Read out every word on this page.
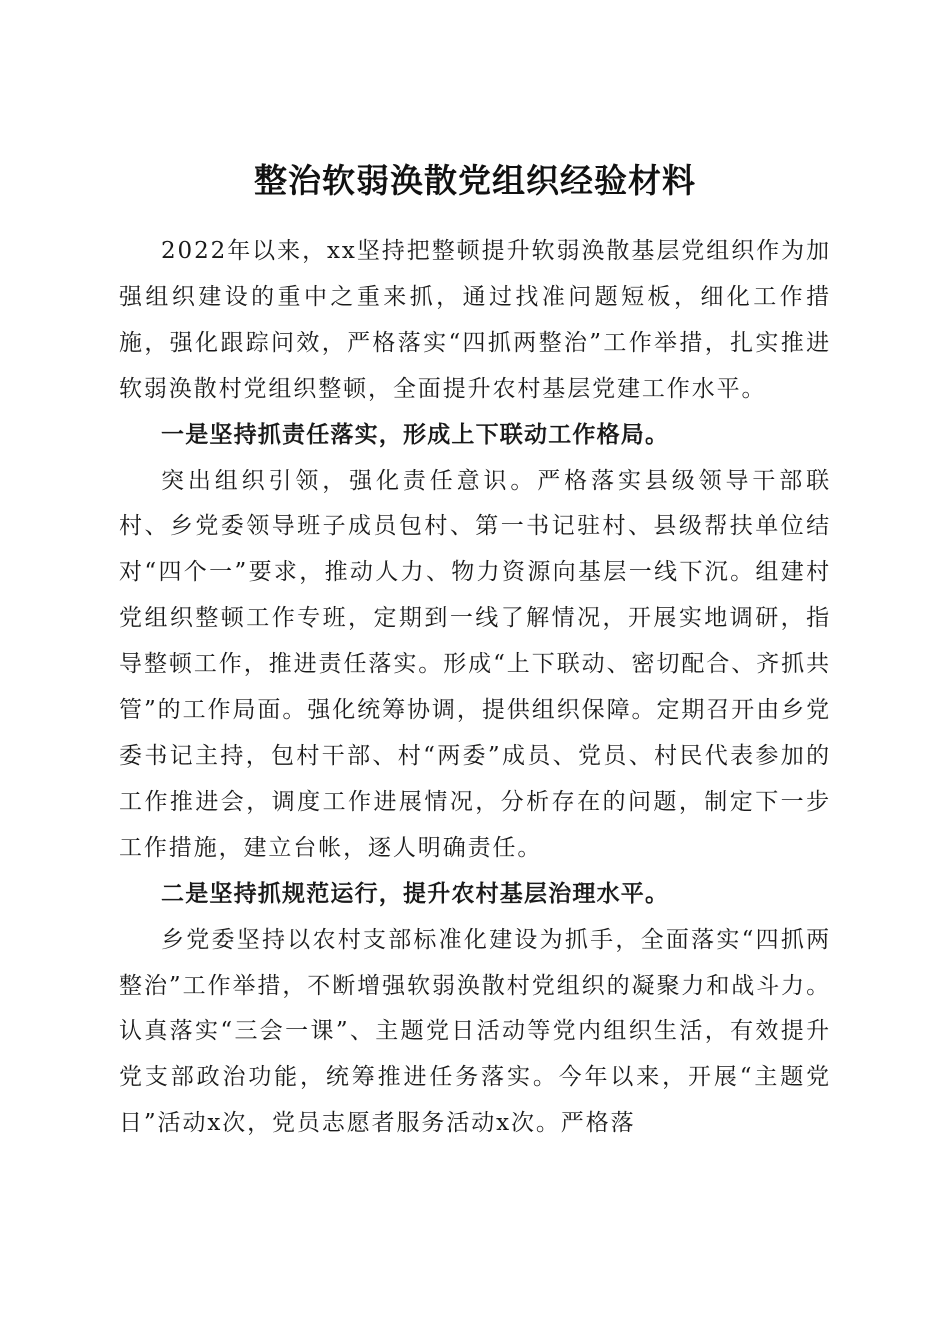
整治软弱涣散党组织经验材料

2022年以来，xx坚持把整顿提升软弱涣散基层党组织作为加强组织建设的重中之重来抓，通过找准问题短板，细化工作措施，强化跟踪问效，严格落实“四抓两整治”工作举措，扎实推进软弱涣散村党组织整顿，全面提升农村基层党建工作水平。

一是坚持抓责任落实，形成上下联动工作格局。

突出组织引领，强化责任意识。严格落实县级领导干部联村、乡党委领导班子成员包村、第一书记驻村、县级帮扶单位结对“四个一”要求，推动人力、物力资源向基层一线下沉。组建村党组织整顿工作专班，定期到一线了解情况，开展实地调研，指导整顿工作，推进责任落实。形成“上下联动、密切配合、齐抓共管”的工作局面。强化统筹协调，提供组织保障。定期召开由乡党委书记主持，包村干部、村“两委”成员、党员、村民代表参加的工作推进会，调度工作进展情况，分析存在的问题，制定下一步工作措施，建立台帐，逐人明确责任。

二是坚持抓规范运行，提升农村基层治理水平。

乡党委坚持以农村支部标准化建设为抓手，全面落实“四抓两整治”工作举措，不断增强软弱涣散村党组织的凝聚力和战斗力。认真落实“三会一课”、主题党日活动等党内组织生活，有效提升党支部政治功能，统筹推进任务落实。今年以来，开展“主题党日”活动x次，党员志愿者服务活动x次。严格落
